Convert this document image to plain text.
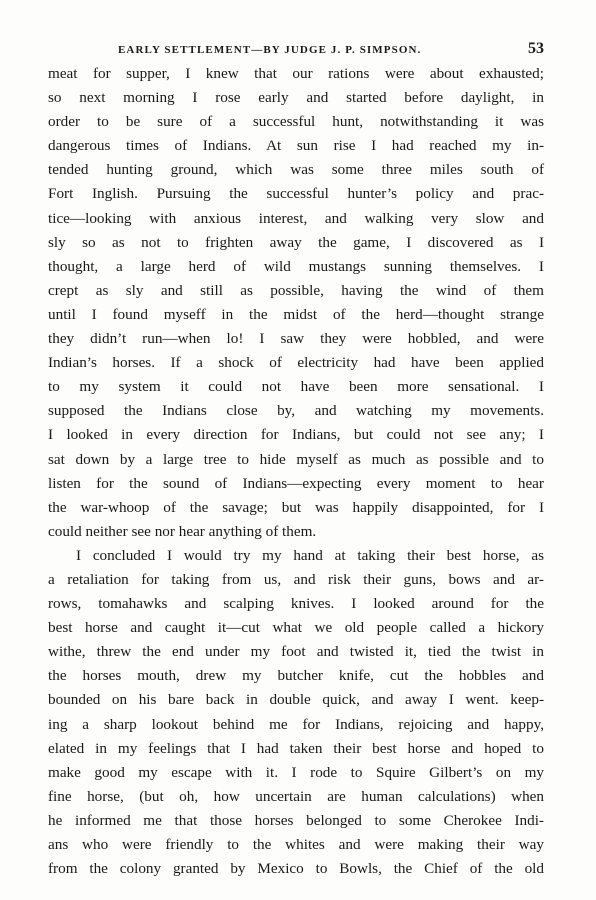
EARLY SETTLEMENT—BY JUDGE J. P. SIMPSON.	53
meat for supper, I knew that our rations were about exhausted;
so next morning I rose early and started before daylight, in
order to be sure of a successful hunt, notwithstanding it was
dangerous times of Indians. At sun rise I had reached my in-
tended hunting ground, which was some three miles south of
Fort Inglish. Pursuing the successful hunter’s policy and prac-
tice—looking with anxious interest, and walking very slow and
sly so as not to frighten away the game, I discovered as I
thought, a large herd of wild mustangs sunning themselves. I
crept as sly and still as possible, having the wind of them
until I found myseff in the midst of the herd—thought strange
they didn’t run—when lo! I saw they were hobbled, and were
Indian’s horses. If a shock of electricity had have been applied
to my system it could not have been more sensational. I
supposed the Indians close by, and watching my movements.
I looked in every direction for Indians, but could not see any; I
sat down by a large tree to hide myself as much as possible and to
listen for the sound of Indians—expecting every moment to hear
the war-whoop of the savage; but was happily disappointed, for I
could neither see nor hear anything of them.
I concluded I would try my hand at taking their best horse, as
a retaliation for taking from us, and risk their guns, bows and ar-
rows, tomahawks and scalping knives. I looked around for the
best horse and caught it—cut what we old people called a hickory
withe, threw the end under my foot and twisted it, tied the twist in
the horses mouth, drew my butcher knife, cut the hobbles and
bounded on his bare back in double quick, and away I went. keep-
ing a sharp lookout behind me for Indians, rejoicing and happy,
elated in my feelings that I had taken their best horse and hoped to
make good my escape with it. I rode to Squire Gilbert’s on my
fine horse, (but oh, how uncertain are human calculations) when
he informed me that those horses belonged to some Cherokee Indi-
ans who were friendly to the whites and were making their way
from the colony granted by Mexico to Bowls, the Chief of the old
